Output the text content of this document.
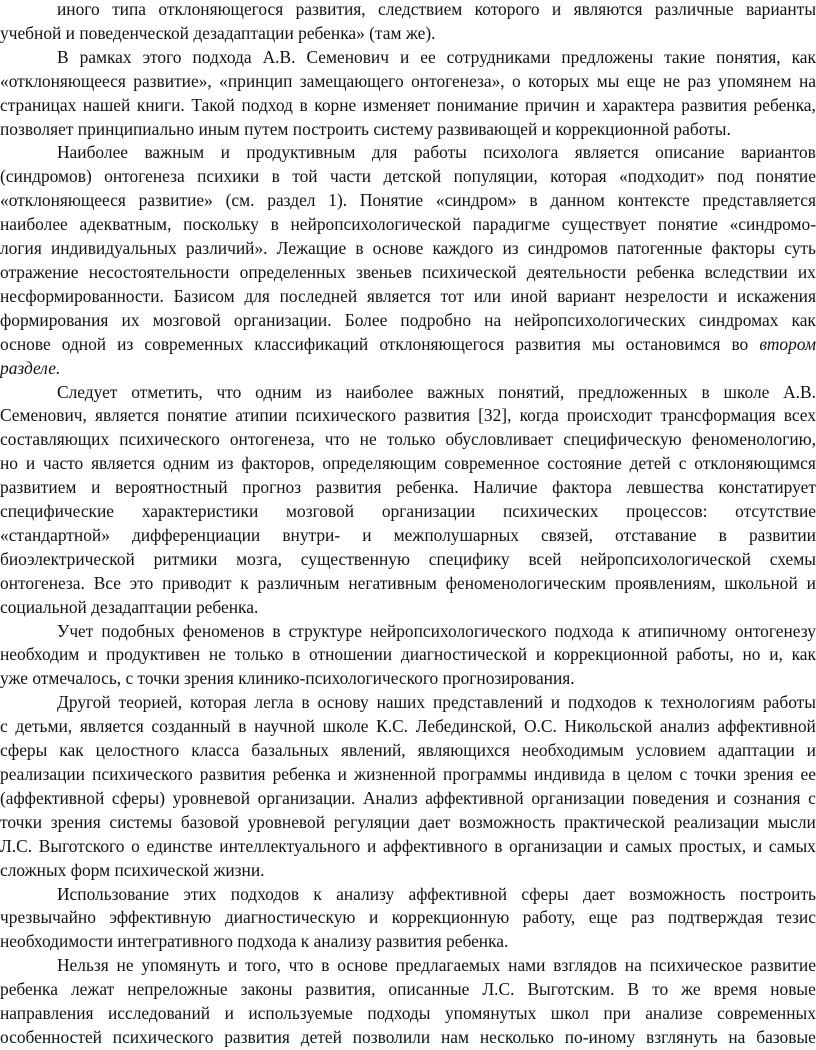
иного типа отклоняющегося развития, следствием которого и являются различные варианты
учебной и поведенческой дезадаптации ребенка» (там же).
В рамках этого подхода А.В. Семенович и ее сотрудниками предложены такие понятия, как
«отклоняющееся развитие», «принцип замещающего онтогенеза», о которых мы еще не раз упомянем на
страницах нашей книги. Такой подход в корне изменяет понимание причин и характера развития ребенка,
позволяет принципиально иным путем построить систему развивающей и коррекционной работы.
Наиболее важным и продуктивным для работы психолога является описание вариантов
(синдромов) онтогенеза психики в той части детской популяции, которая «подходит» под понятие
«отклоняющееся развитие» (см. раздел 1). Понятие «синдром» в данном контексте представляется
наиболее адекватным, поскольку в нейропсихологической парадигме существует понятие «синдромо-
логия индивидуальных различий». Лежащие в основе каждого из синдромов патогенные факторы суть
отражение несостоятельности определенных звеньев психической деятельности ребенка вследствии их
несформированности. Базисом для последней является тот или иной вариант незрелости и искажения
формирования их мозговой организации. Более подробно на нейропсихологических синдромах как
основе одной из современных классификаций отклоняющегося развития мы остановимся во втором
разделе.
Следует отметить, что одним из наиболее важных понятий, предложенных в школе А.В.
Семенович, является понятие атипии психического развития [32], когда происходит трансформация всех
составляющих психического онтогенеза, что не только обусловливает специфическую феноменологию,
но и часто является одним из факторов, определяющим современное состояние детей с отклоняющимся
развитием и вероятностный прогноз развития ребенка. Наличие фактора левшества констатирует
специфические характеристики мозговой организации психических процессов: отсутствие
«стандартной» дифференциации внутри- и межполушарных связей, отставание в развитии
биоэлектрической ритмики мозга, существенную специфику всей нейропсихологической схемы
онтогенеза. Все это приводит к различным негативным феноменологическим проявлениям, школьной и
социальной дезадаптации ребенка.
Учет подобных феноменов в структуре нейропсихологического подхода к атипичному онтогенезу
необходим и продуктивен не только в отношении диагностической и коррекционной работы, но и, как
уже отмечалось, с точки зрения клинико-психологического прогнозирования.
Другой теорией, которая легла в основу наших представлений и подходов к технологиям работы
с детьми, является созданный в научной школе К.С. Лебединской, О.С. Никольской анализ аффективной
сферы как целостного класса базальных явлений, являющихся необходимым условием адаптации и
реализации психического развития ребенка и жизненной программы индивида в целом с точки зрения ее
(аффективной сферы) уровневой организации. Анализ аффективной организации поведения и сознания с
точки зрения системы базовой уровневой регуляции дает возможность практической реализации мысли
Л.С. Выготского о единстве интеллектуального и аффективного в организации и самых простых, и самых
сложных форм психической жизни.
Использование этих подходов к анализу аффективной сферы дает возможность построить
чрезвычайно эффективную диагностическую и коррекционную работу, еще раз подтверждая тезис
необходимости интегративного подхода к анализу развития ребенка.
Нельзя не упомянуть и того, что в основе предлагаемых нами взглядов на психическое развитие
ребенка лежат непреложные законы развития, описанные Л.С. Выготским. В то же время новые
направления исследований и используемые подходы упомянутых школ при анализе современных
особенностей психического развития детей позволили нам несколько по-иному взглянуть на базовые
